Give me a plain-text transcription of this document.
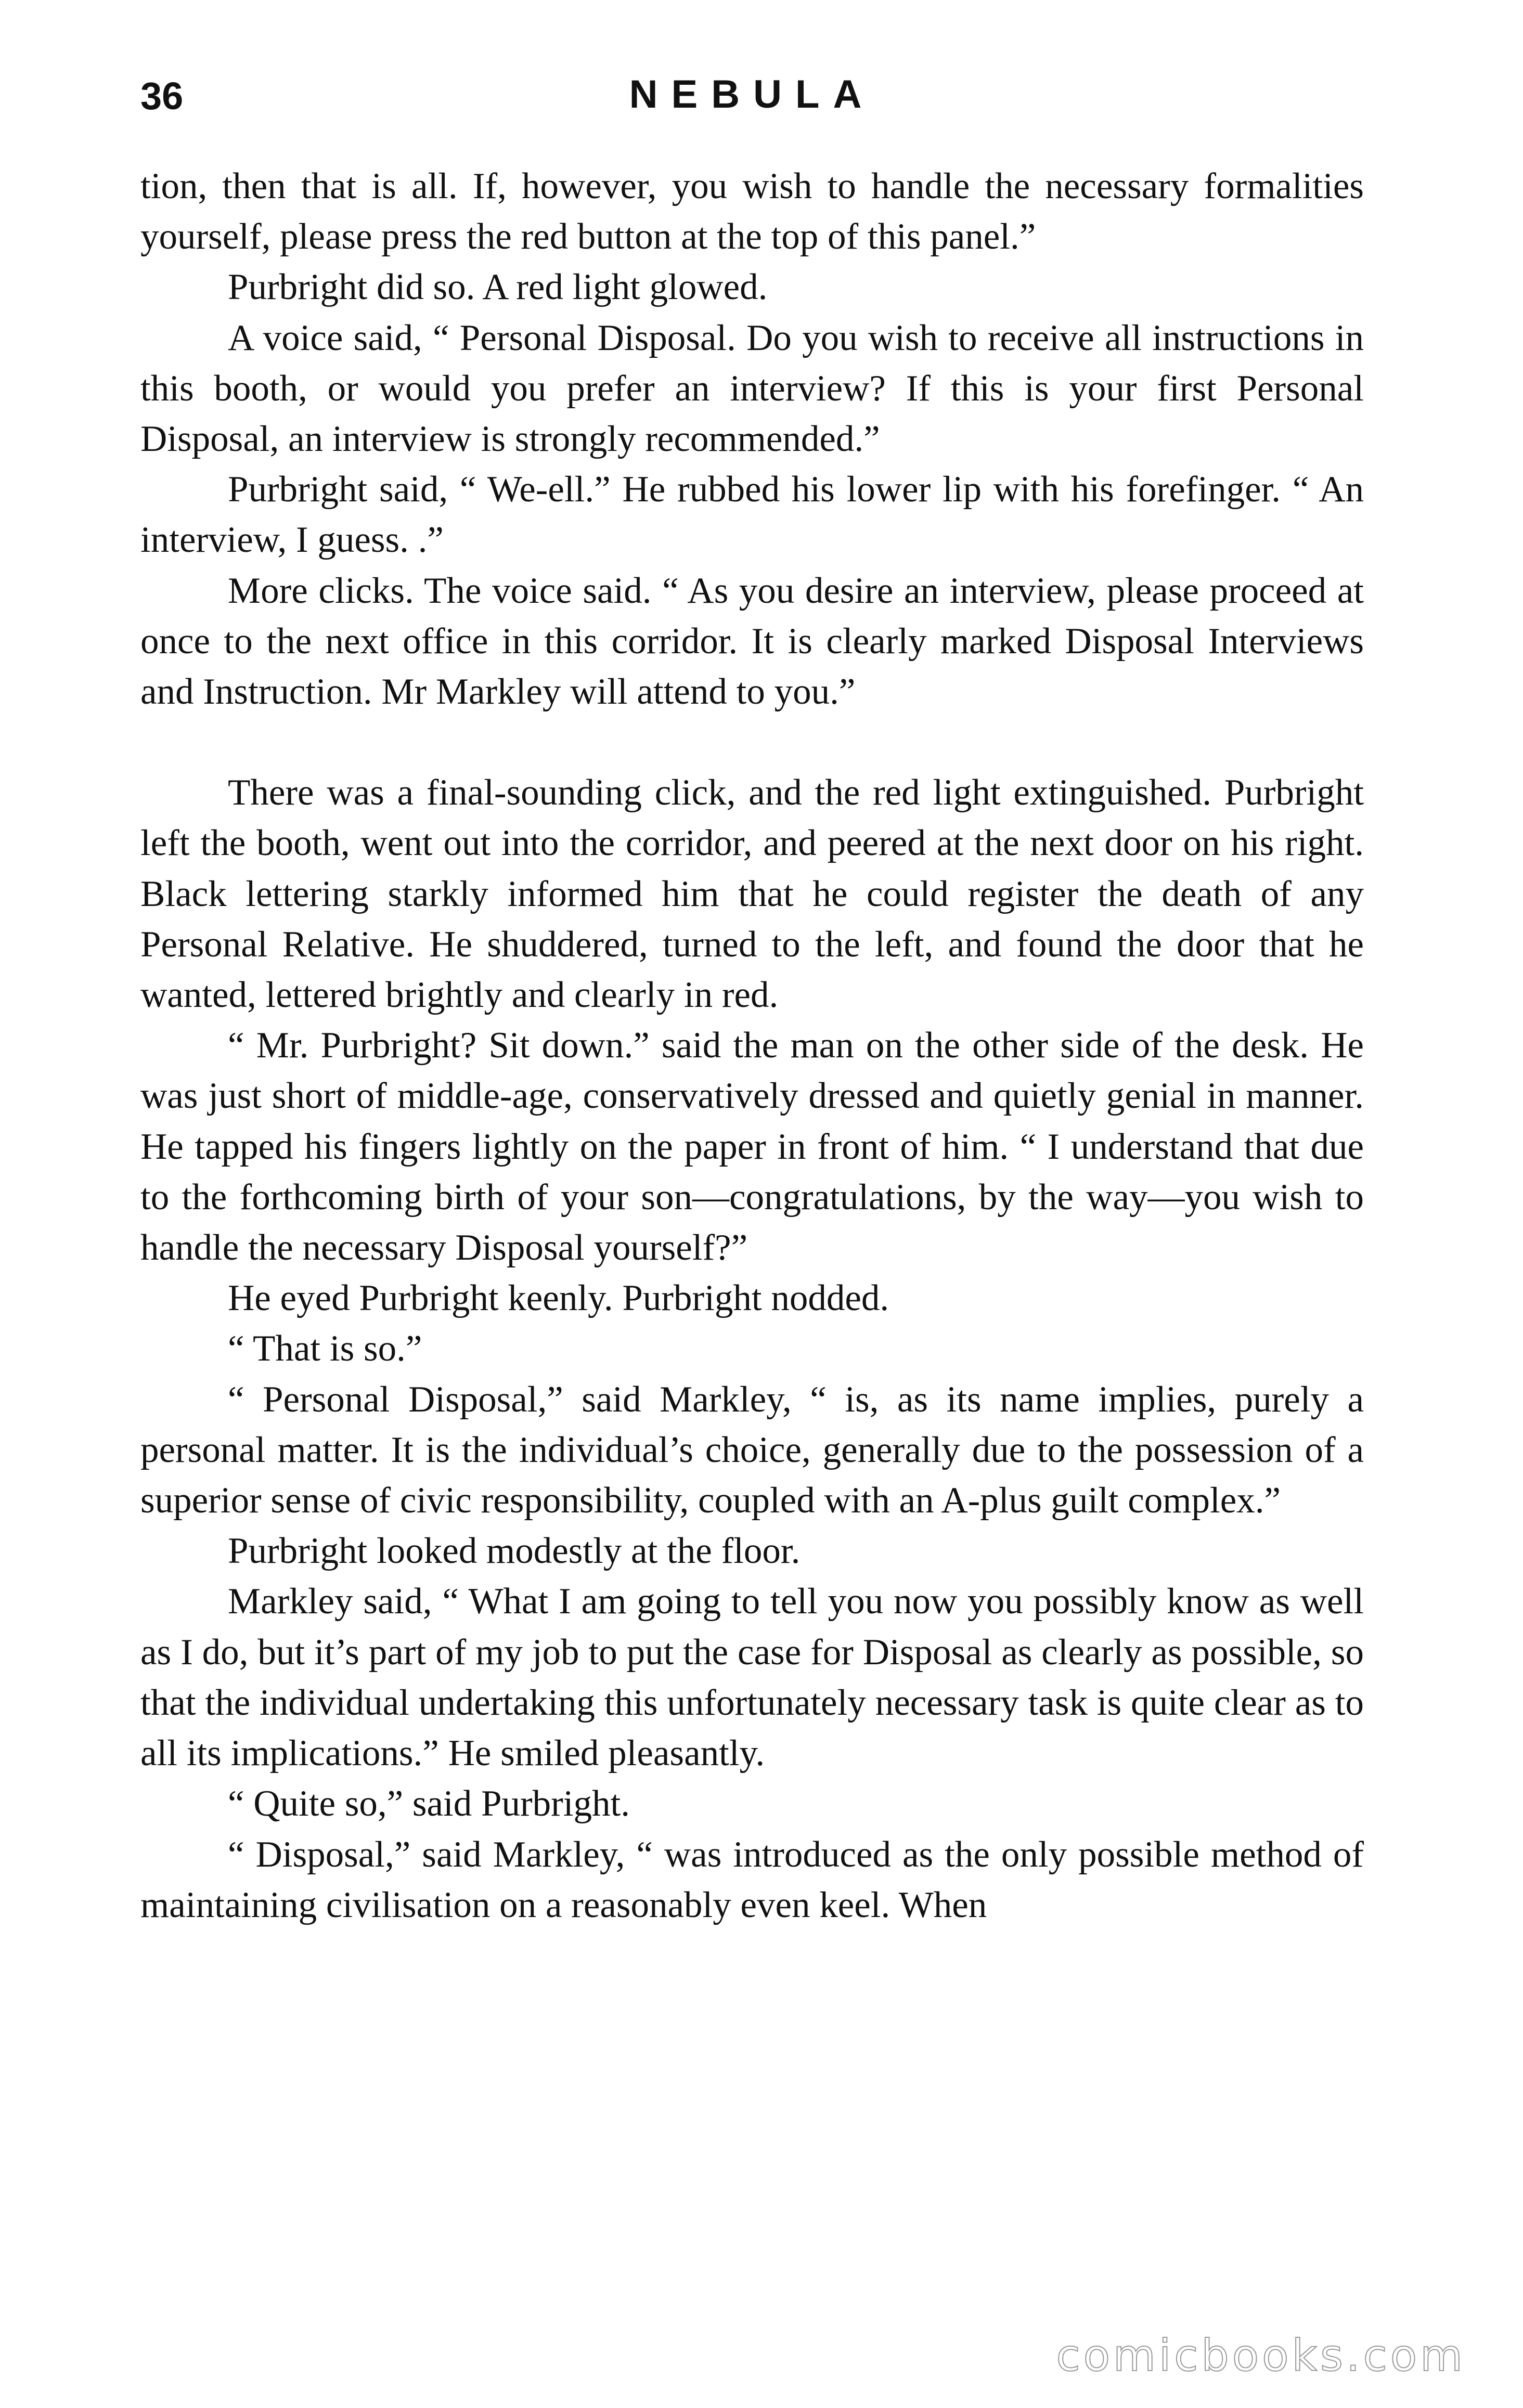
36	NEBULA

tion, then that is all. If, however, you wish to handle the necessary formalities yourself, please press the red button at the top of this panel.”

Purbright did so. A red light glowed.

A voice said, “ Personal Disposal. Do you wish to receive all instructions in this booth, or would you prefer an interview? If this is your first Personal Disposal, an interview is strongly recommended.”

Purbright said, “ We-ell.” He rubbed his lower lip with his forefinger. “ An interview, I guess. .”

More clicks. The voice said. “ As you desire an interview, please proceed at once to the next office in this corridor. It is clearly marked Disposal Interviews and Instruction. Mr Markley will attend to you.”

There was a final-sounding click, and the red light extinguished. Purbright left the booth, went out into the corridor, and peered at the next door on his right. Black lettering starkly informed him that he could register the death of any Personal Relative. He shuddered, turned to the left, and found the door that he wanted, lettered brightly and clearly in red.

“ Mr. Purbright? Sit down.” said the man on the other side of the desk. He was just short of middle-age, conservatively dressed and quietly genial in manner. He tapped his fingers lightly on the paper in front of him. “ I understand that due to the forthcoming birth of your son—congratulations, by the way—you wish to handle the necessary Disposal yourself?”

He eyed Purbright keenly. Purbright nodded.

“ That is so.”

“ Personal Disposal,” said Markley, “ is, as its name implies, purely a personal matter. It is the individual’s choice, generally due to the possession of a superior sense of civic responsibility, coupled with an A-plus guilt complex.”

Purbright looked modestly at the floor.

Markley said, “ What I am going to tell you now you possibly know as well as I do, but it’s part of my job to put the case for Disposal as clearly as possible, so that the individual undertaking this unfortunately necessary task is quite clear as to all its implications.” He smiled pleasantly.

“ Quite so,” said Purbright.

“ Disposal,” said Markley, “ was introduced as the only possible method of maintaining civilisation on a reasonably even keel. When

comicbooks.com
